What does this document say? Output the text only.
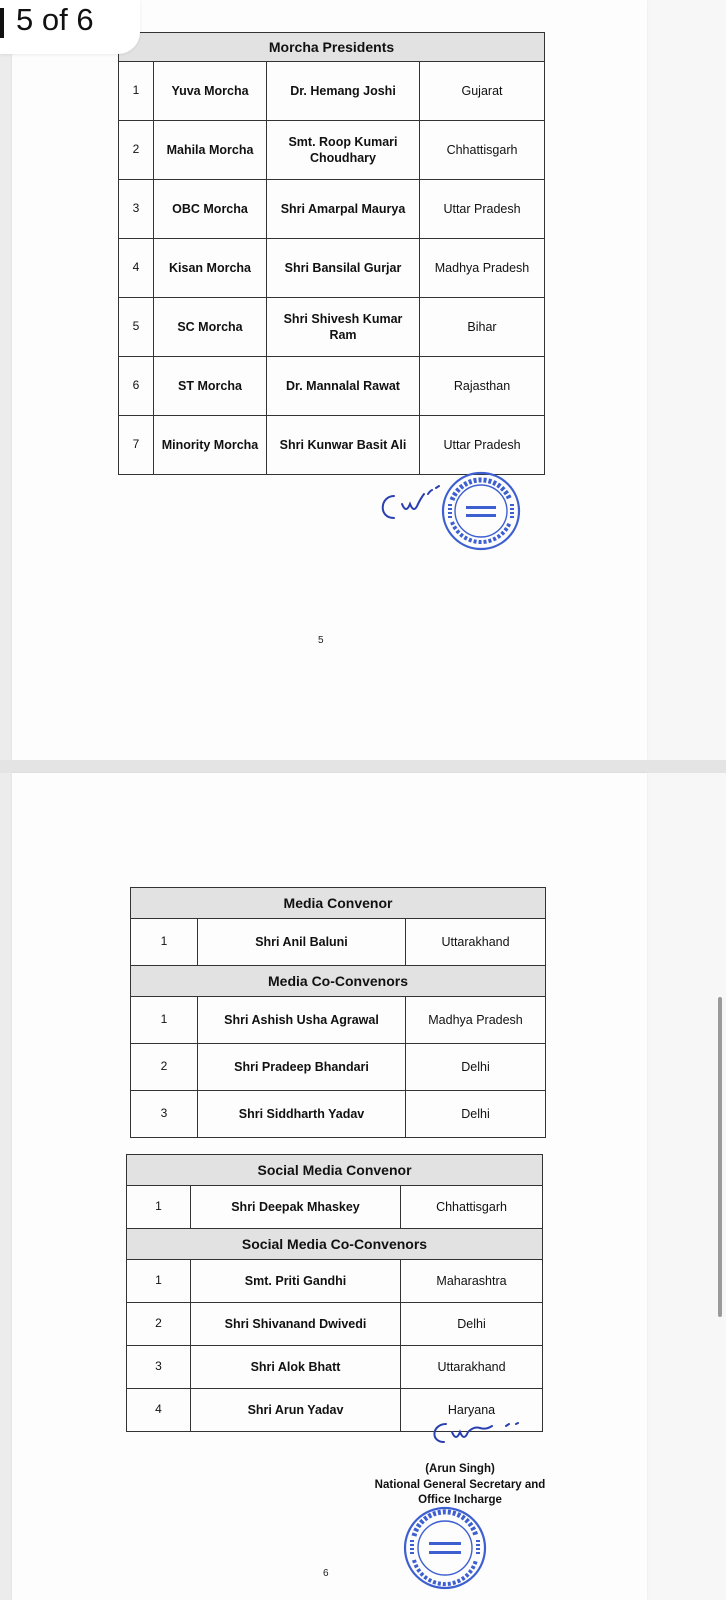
Morcha Presidents			
1	Yuva Morcha	Dr. Hemang Joshi	Gujarat
2	Mahila Morcha	Smt. Roop Kumari Choudhary	Chhattisgarh
3	OBC Morcha	Shri Amarpal Maurya	Uttar Pradesh
4	Kisan Morcha	Shri Bansilal Gurjar	Madhya Pradesh
5	SC Morcha	Shri Shivesh Kumar Ram	Bihar
6	ST Morcha	Dr. Mannalal Rawat	Rajasthan
7	Minority Morcha	Shri Kunwar Basit Ali	Uttar Pradesh
5
Media Convenor		
1	Shri Anil Baluni	Uttarakhand
Media Co-Convenors		
1	Shri Ashish Usha Agrawal	Madhya Pradesh
2	Shri Pradeep Bhandari	Delhi
3	Shri Siddharth Yadav	Delhi
Social Media Convenor		
1	Shri Deepak Mhaskey	Chhattisgarh
Social Media Co-Convenors		
1	Smt. Priti Gandhi	Maharashtra
2	Shri Shivanand Dwivedi	Delhi
3	Shri Alok Bhatt	Uttarakhand
4	Shri Arun Yadav	Haryana
(Arun Singh)
National General Secretary and
Office Incharge
6
5 of 6
